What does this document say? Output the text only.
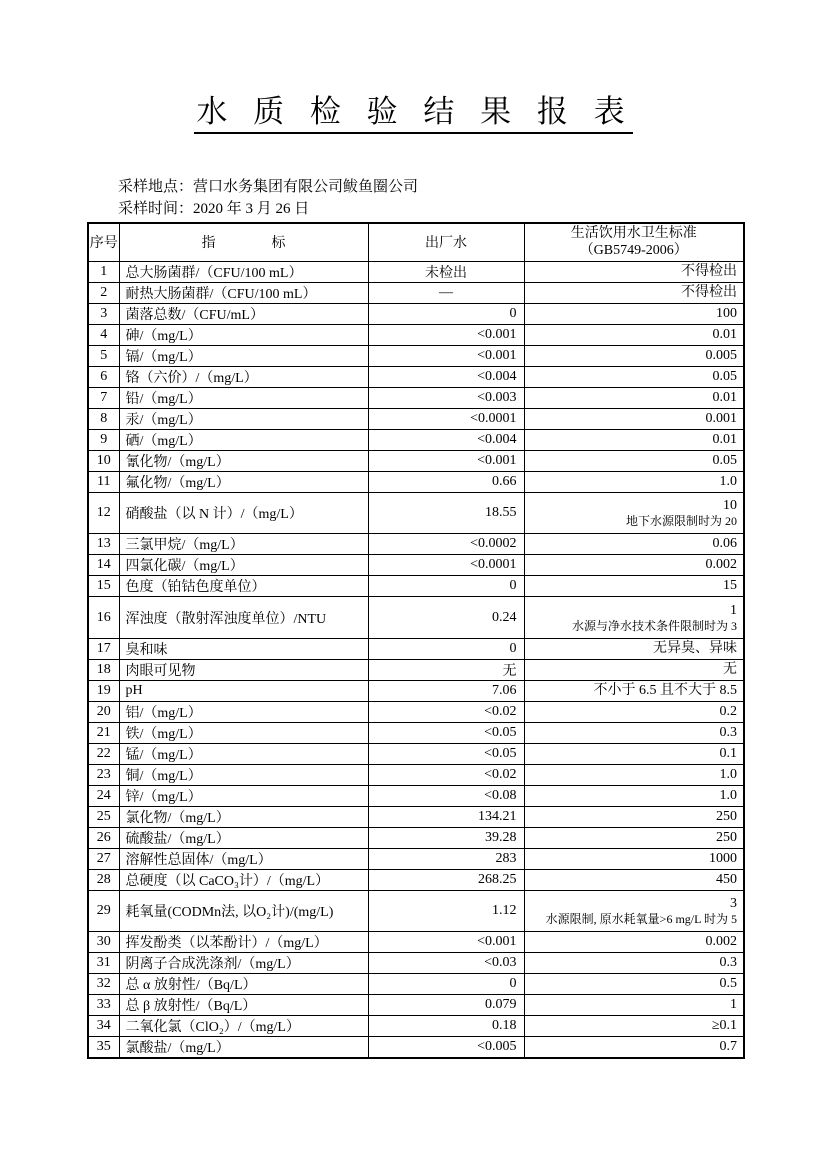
水 质 检 验 结 果 报 表
采样地点：营口水务集团有限公司鲅鱼圈公司
采样时间：2020 年 3 月 26 日
序号	指　　　　标	出厂水	生活饮用水卫生标准
（GB5749-2006）

1	总大肠菌群/（CFU/100 mL）	未检出	不得检出

2	耐热大肠菌群/（CFU/100 mL）	—	不得检出

3	菌落总数/（CFU/mL）	0	100

4	砷/（mg/L）	<0.001	0.01

5	镉/（mg/L）	<0.001	0.005

6	铬（六价）/（mg/L）	<0.004	0.05

7	铅/（mg/L）	<0.003	0.01

8	汞/（mg/L）	<0.0001	0.001

9	硒/（mg/L）	<0.004	0.01

10	氰化物/（mg/L）	<0.001	0.05

11	氟化物/（mg/L）	0.66	1.0

12	硝酸盐（以 N 计）/（mg/L）	18.55	10
地下水源限制时为 20

13	三氯甲烷/（mg/L）	<0.0002	0.06

14	四氯化碳/（mg/L）	<0.0001	0.002

15	色度（铂钴色度单位）	0	15

16	浑浊度（散射浑浊度单位）/NTU	0.24	1
水源与净水技术条件限制时为 3

17	臭和味	0	无异臭、异味

18	肉眼可见物	无	无

19	pH	7.06	不小于 6.5 且不大于 8.5

20	铝/（mg/L）	<0.02	0.2

21	铁/（mg/L）	<0.05	0.3

22	锰/（mg/L）	<0.05	0.1

23	铜/（mg/L）	<0.02	1.0

24	锌/（mg/L）	<0.08	1.0

25	氯化物/（mg/L）	134.21	250

26	硫酸盐/（mg/L）	39.28	250

27	溶解性总固体/（mg/L）	283	1000

28	总硬度（以 CaCO₃计）/（mg/L）	268.25	450

29	耗氧量(CODMn法, 以O₂计)/(mg/L)	1.12	3
水源限制, 原水耗氧量>6 mg/L 时为 5

30	挥发酚类（以苯酚计）/（mg/L）	<0.001	0.002

31	阴离子合成洗涤剂/（mg/L）	<0.03	0.3

32	总 α 放射性/（Bq/L）	0	0.5

33	总 β 放射性/（Bq/L）	0.079	1

34	二氧化氯（ClO₂）/（mg/L）	0.18	≥0.1

35	氯酸盐/（mg/L）	<0.005	0.7
